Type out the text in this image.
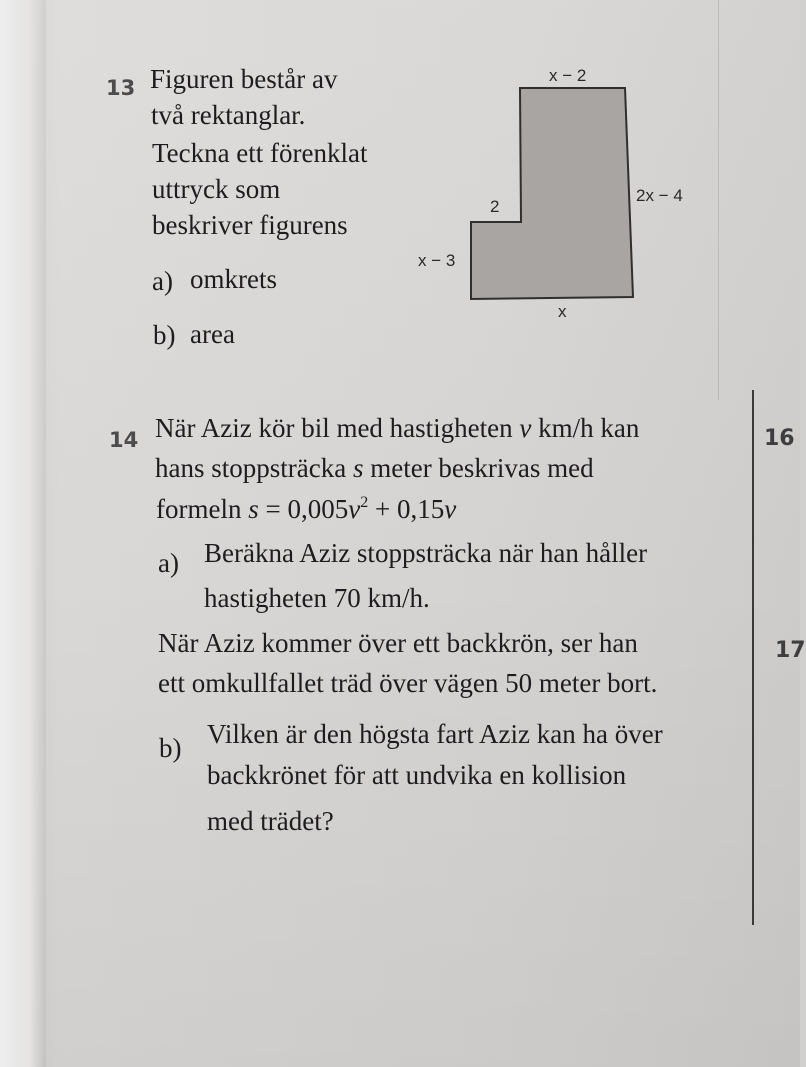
13 Figuren består av
två rektanglar.
Teckna ett förenklat
uttryck som
beskriver figurens
a) omkrets
b) area
x − 2
2x − 4
2
x − 3
x
14 När Aziz kör bil med hastigheten v km/h kan
hans stoppsträcka s meter beskrivas med
formeln $s = 0,005v^2 + 0,15v$
a) Beräkna Aziz stoppsträcka när han håller
hastigheten 70 km/h.
När Aziz kommer över ett backkrön, ser han
ett omkullfallet träd över vägen 50 meter bort.
b) Vilken är den högsta fart Aziz kan ha över
backkrönet för att undvika en kollision
med trädet?
16
17
